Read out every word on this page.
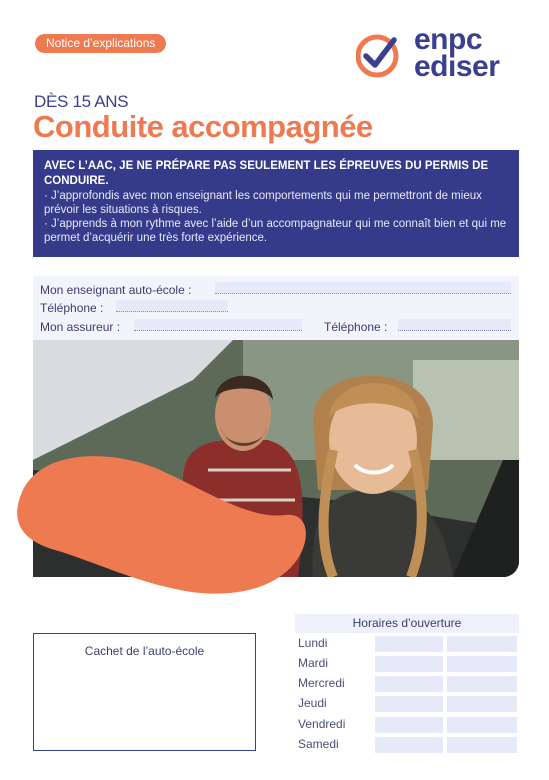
Notice d’explications	enpc
ediser
DÈS 15 ANS
Conduite accompagnée
AVEC L’AAC, JE NE PRÉPARE PAS SEULEMENT LES ÉPREUVES DU PERMIS DE CONDUIRE.
· J’approfondis avec mon enseignant les comportements qui me permettront de mieux prévoir les situations à risques.
· J’apprends à mon rythme avec l’aide d’un accompagnateur qui me connaît bien et qui me permet d’acquérir une très forte expérience.
Mon enseignant auto-école :
Téléphone :
Mon assureur :	Téléphone :
Cachet de l’auto-école
Horaires d’ouverture
Lundi
Mardi
Mercredi
Jeudi
Vendredi
Samedi
